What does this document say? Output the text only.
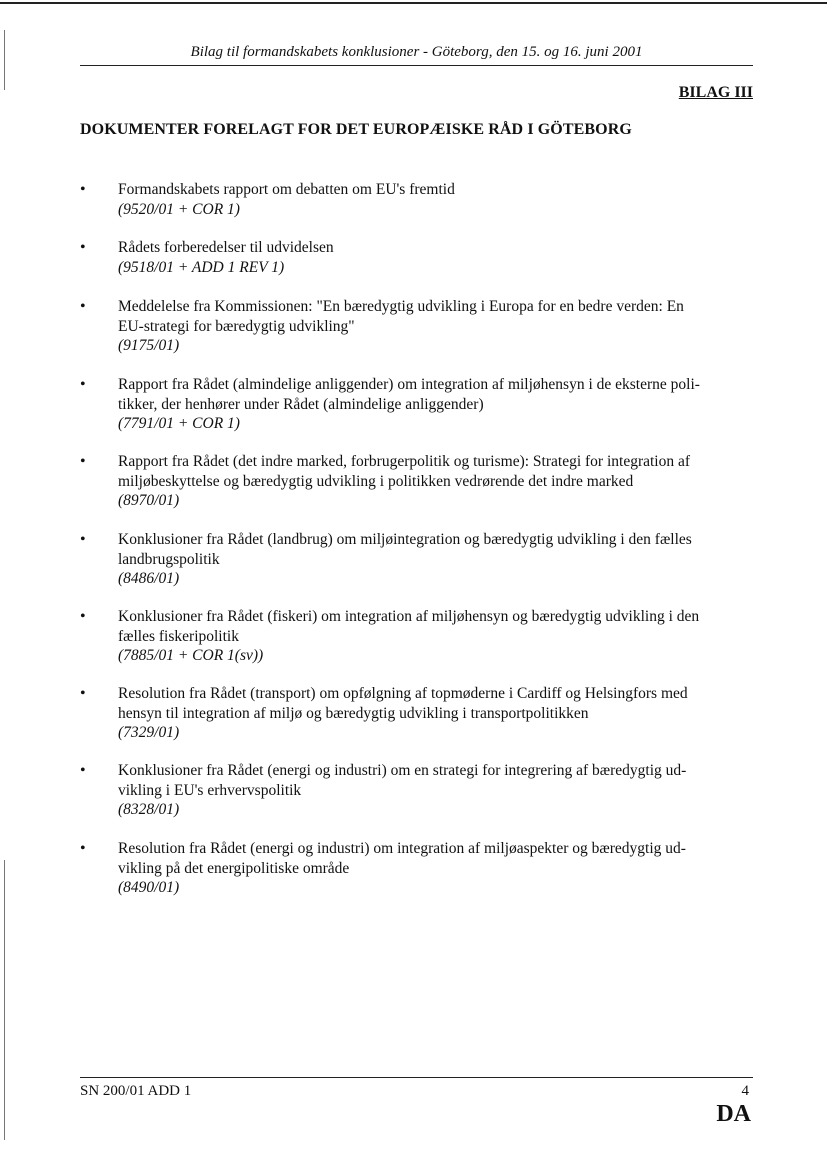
Bilag til formandskabets konklusioner - Göteborg, den 15. og 16. juni 2001
BILAG III
DOKUMENTER FORELAGT FOR DET EUROPÆISKE RÅD I GÖTEBORG
•	Formandskabets rapport om debatten om EU's fremtid
(9520/01 + COR 1)
•	Rådets forberedelser til udvidelsen
(9518/01 + ADD 1 REV 1)
•	Meddelelse fra Kommissionen: "En bæredygtig udvikling i Europa for en bedre verden: En
EU-strategi for bæredygtig udvikling"
(9175/01)
•	Rapport fra Rådet (almindelige anliggender) om integration af miljøhensyn i de eksterne poli-
tikker, der henhører under Rådet (almindelige anliggender)
(7791/01 + COR 1)
•	Rapport fra Rådet (det indre marked, forbrugerpolitik og turisme): Strategi for integration af
miljøbeskyttelse og bæredygtig udvikling i politikken vedrørende det indre marked
(8970/01)
•	Konklusioner fra Rådet (landbrug) om miljøintegration og bæredygtig udvikling i den fælles
landbrugspolitik
(8486/01)
•	Konklusioner fra Rådet (fiskeri) om integration af miljøhensyn og bæredygtig udvikling i den
fælles fiskeripolitik
(7885/01 + COR 1(sv))
•	Resolution fra Rådet (transport) om opfølgning af topmøderne i Cardiff og Helsingfors med
hensyn til integration af miljø og bæredygtig udvikling i transportpolitikken
(7329/01)
•	Konklusioner fra Rådet (energi og industri) om en strategi for integrering af bæredygtig ud-
vikling i EU's erhvervspolitik
(8328/01)
•	Resolution fra Rådet (energi og industri) om integration af miljøaspekter og bæredygtig ud-
vikling på det energipolitiske område
(8490/01)
SN 200/01 ADD 1	4
DA
